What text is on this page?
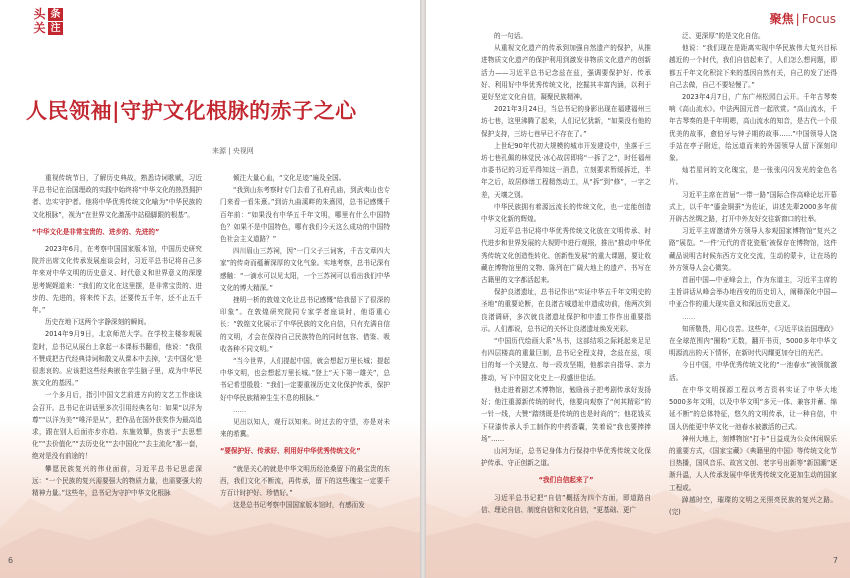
头 条
关 注
人民领袖|守护文化根脉的赤子之心
来源 | 央视网

重视传统节日，了解历史典故，熟悉诗词歌赋，习近平总书记在治国理政的实践中始终将“中华文化的热烈拥护者、忠实守护者。他将中华优秀传统文化喻为“中华民族的文化根脉”，视为“在世界文化激荡中站稳脚跟的根基”。

“中华文化是非常宝贵的、进步的、先进的”

2023年6月，在考察中国国家版本馆，中国历史研究院并出席文化传承发展座谈会时，习近平总书记将自己多年来对中华文明的历史意义、时代意义和世界意义的深邃思考娓娓道来：“我们的文化在这里摆，是非常宝贵的、进步的、先进的，将来传下去，还要传五千年，还不止五千年。”

历史在地下这两个字静深刻的瞬间。

2014年9月9日，北京师范大学。在学校主楼参观展览时，总书记从展台上拿起一本课标书翻看，他说：“我很不赞成把古代经典诗词和散文从课本中去掉，‘去中国化’是很悲哀的。应该把这些经典嵌在学生脑子里，成为中华民族文化的基因。”

一个多月后，指引中国文艺前进方向的文艺工作座谈会召开。总书记在讲话里多次引用经典名句：如果“以洋为尊”“以洋为美”“唯洋是从”，把作品在国外获奖作为最高追求，跟在别人后面亦步亦趋、东施效颦，热衷于“去思想化”“去价值化”“去历史化”“去中国化”“去主流化”那一套，绝对是没有前途的！

攀愿民族复兴的伟业面前，习近平总书记思虑深远：“一个民族的复兴需要强大的物质力量，也需要强大的精神力量。”这些年，总书记为守护中华文化根脉

倾注大量心血，“文化足迹”遍及全国。

“我到山东考察时专门去看了孔府孔庙，到武夷山也专门来看一看朱熹。”到访九曲溪畔的朱熹园，总书记感慨千百年前：“如果没有中华五千年文明，哪里有什么中国特色？如果不是中国特色，哪有我们今天这么成功的中国特色社会主义道路？”

四川眉山三苏祠，因“一门父子三词客，千古文章四大家”的传奇而蕴蓄深厚的文化气象。实地考察，总书记深有感触：“一滴水可以见太阳，一个三苏祠可以看出我们中华文化的博大精深。”

挫明一析的敦煌文化让总书记感慨“给我留下了很深的印象”。在敦煌研究院同专家学者座谈时，他语重心长：“敦煌文化展示了中华民族的文化自信，只有充满自信的文明，才会在保持自己民族特色的同时包容、借鉴、吸收各种不同文明。”

“当今世界，人们提起中国，就会想起万里长城；提起中华文明，也会想起万里长城。”登上“天下第一雄关”，总书记希望殷殷：“我们一定要重视历史文化保护传承，保护好中华民族精神生生不息的根脉。”

……

见出以知人，观行以知来。时过去的守望，亦是对未来的希冀。

“要保护好、传承好、利用好中华优秀传统文化”

“就是关心的就是中华文明历经沧桑留下的最宝贵的东西，我们文化不断流，再传承，留下的这些瑰宝一定要千方百计时护好、珍惜好。”

这是总书记考察中国国家版本馆时，有感而发

6
聚焦 | Focus

的一句话。

从重视文化遗产的传承到加强自然遗产的保护，从推进物质文化遗产的保护利用到激发非物质文化遗产的创新活力——习近平总书记念兹在兹，强调要保护好、传承好、利用好中华优秀传统文化，挖掘其丰富内涵，以利于更好坚定文化自信，凝聚民族精神。

2021年3月24日，当总书记的身影出现在福建福州三坊七巷，这里沸腾了起来，人们记忆犹新，“如果没有他的保护支持，三坊七巷早已不存在了。”

上世纪90年代初大规模的城市开发建设中，坐落于三坊七巷孔佩的林觉民·冰心故居即将“一拆了之”，时任福州市委书记的习近平得知这一消息，立刻要求暂缓拆迁，半年之后，故居修缮工程精然动工，从“拆”到“修”，一字之差，天壤之别。

中华民族拥有着源远流长的传统文化，也一定能创造中华文化新的辉煌。

习近平总书记将中华优秀传统文化放在文明传承、时代进步和世界发展的大视野中进行观照，推出“推动中华优秀传统文化创造性转化、创新性发展”的重大课题，要让收藏在博物馆里的文物、陈列在广阔大地上的遗产、书写在古籍里的文字都活起来。

保护良渚遗址，总书记作出“实证中华五千年文明史的圣地”的重要论断，在良渚古城遗址申遗成功前，他两次到良渚调研，多次就良渚遗址保护和申遗工作作出重要指示。人们都说，总书记的关怀让良渚遗址焕发光彩。

“中国历代绘画大系”丛书，这部结项之际耗起来足足有四层楼高的重量巨制，总书记全程支持，念兹在兹，项目的每一个关键点、每一段攻坚期，他都亲自指导、亲力推动，写下中国文化史上一段盛世佳话。

他走进着剧艺术博物馆，勉励孩子把考剧传承好发扬好；他注重源新传统的时代，他要向观察了“何其精彩”的一针一线，大赞“踏绣既是传统的也是时尚的”；他花钱买下昼漆传承人手工制作的中药香囊，笑着说“我也要捧捧场”……

山河为证，总书记身体力行保持中华优秀传统文化保护传承、守正创新之道。

“我们自信起来了”

习近平总书记把“自信”概括为四个方面，即道路自信、理论自信、制度自信和文化自信，“更基础、更广

泛、更深厚”的是文化自信。

他说：“我们现在是距离实现中华民族伟大复兴目标越近的一个时代，我们自信起来了，人们怎么想问题，即都五千年文化积淀下来的基因自然有关，自己的发了还得自己去做，自己不要轻慢了。”

2023年4月7日，广东广州松园白云开。千年古琴奏响《高山流水》。中法两国元首一起欣赏。“高山流水，千年古琴奏的是千年明嗯，高山流水的知音，是古代一个很优美的故事，愈伯牙与钟子期的故事……”中国领导人饶手站在亭子附近，给远道而来的外国领导人留下深刻印象。

灿若星河的文化瑰宝，是一张张闪闪发光的金色名片。

习近平主席在首届“一带一路”国际合作高峰论坛开幕式上，以千年“鎏金铜蚕”为佐证，讲述先辈2000多年前开辟古丝绸之路，打开中外友好交往新窗口的壮举。

习近平主席邀请外方领导人参观国家博物馆“复兴之路”展览。“一件‘元代的青花瓷瓶’被保存在博物馆，这件藏品说明古时候东西方文化交流，生动的蒙卡，让在场的外方领导人会心微笑。

首届中国—中亚峰会上，作为东道主，习近平主席的主旨讲话从峰会举办地西安的历史切入，阐释深化中国—中亚合作的重大现实意义和深远历史意义。

……

知所敬畏，用心良苦。这些年，《习近平谈治国理政》在全球范围内“圈粉”无数，翻开书页，5000多年中华文明源流出的天下情怀，在新时代闪耀更加夺目的光芒。

今日中国，中华优秀传统文化的“一池春水”被领航激活。

在中华文明探源工程以考古资料实证了中华大地5000多年文明，以及中华文明“多元一体、兼容并蓄、绵延不断”的总体特征，悠久的文明传承，让一种自信，中国人仍能更中华文化一池春水被激活的己式。

神州大地上，刻博物馆“打卡”日益成为公众休闲娱乐的重要方式，《国家宝藏》《典籍里的中国》等传统文化节目热播，国风音乐、故宫文创、老字号出新等“新国潮”逐渐升温，人人传承发展中华优秀传统文化更加生动的国家工程或。

踔越时空，璀璨的文明之光照亮民族的复兴之路。(完)

7
